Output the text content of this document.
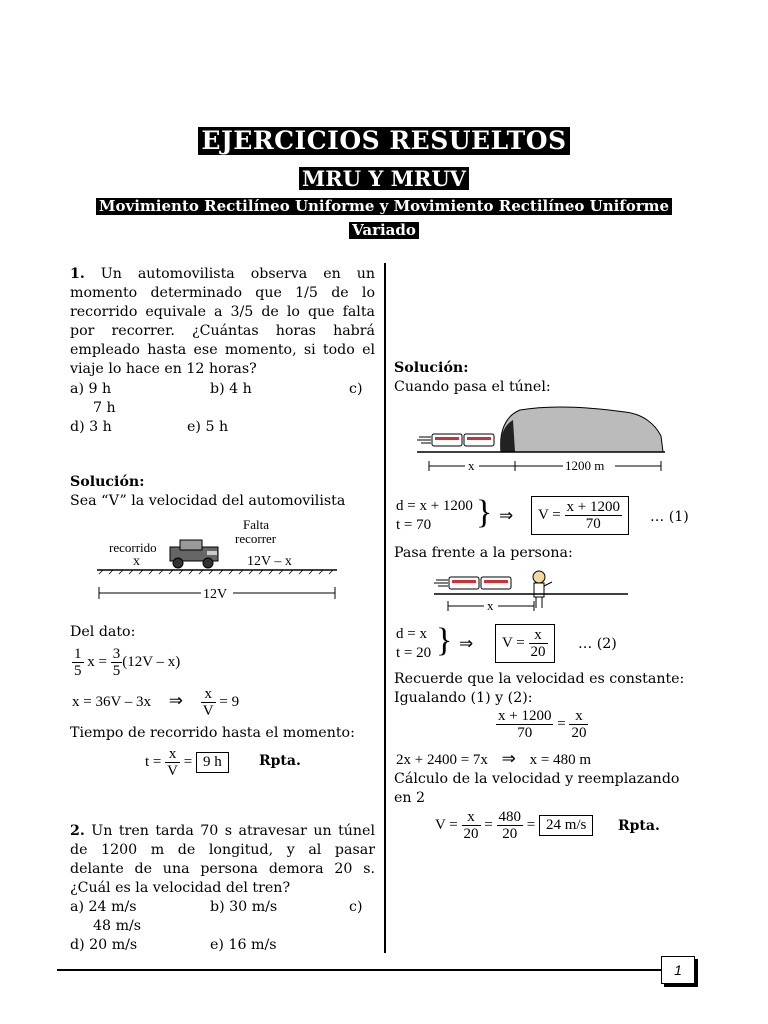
EJERCICIOS RESUELTOS
MRU Y MRUV
Movimiento Rectilíneo Uniforme y Movimiento Rectilíneo Uniforme
Variado
1. Un automovilista observa en un
momento determinado que 1/5 de lo
recorrido equivale a 3/5 de lo que falta
por recorrer. ¿Cuántas horas habrá
empleado hasta ese momento, si todo el
viaje lo hace en 12 horas?
a) 9 h	b) 4 h	c)
7 h
d) 3 h	e) 5 h
Solución:
Sea “V” la velocidad del automovilista
recorrido
x
Falta
recorrer
12V – x
12V
Del dato:
$\frac{1}{5}$ $x = \frac{3}{5} (12V - x)$
x = 36V – 3x ⇒ $\frac{x}{V} = 9$
Tiempo de recorrido hasta el momento:
$t = \frac{x}{V} = 9$ h	Rpta.
2. Un tren tarda 70 s atravesar un túnel
de 1200 m de longitud, y al pasar
delante de una persona demora 20 s.
¿Cuál es la velocidad del tren?
a) 24 m/s	b) 30 m/s	c)
48 m/s
d) 20 m/s	e) 16 m/s
Solución:
Cuando pasa el túnel:
x	1200 m
d = x + 1200
t = 70	} ⇒	$V = \frac{x + 1200}{70}$ … (1)
Pasa frente a la persona:
x
d = x
t = 20 } ⇒	$V = \frac{x}{20}$ … (2)
Recuerde que la velocidad es constante:
Igualando (1) y (2):
$\frac{x + 1200}{70} = \frac{x}{20}$
2x + 2400 = 7x ⇒ x = 480 m
Cálculo de la velocidad y reemplazando
en 2
$V = \frac{x}{20} = \frac{480}{20} = 24$ m/s	Rpta.
1
